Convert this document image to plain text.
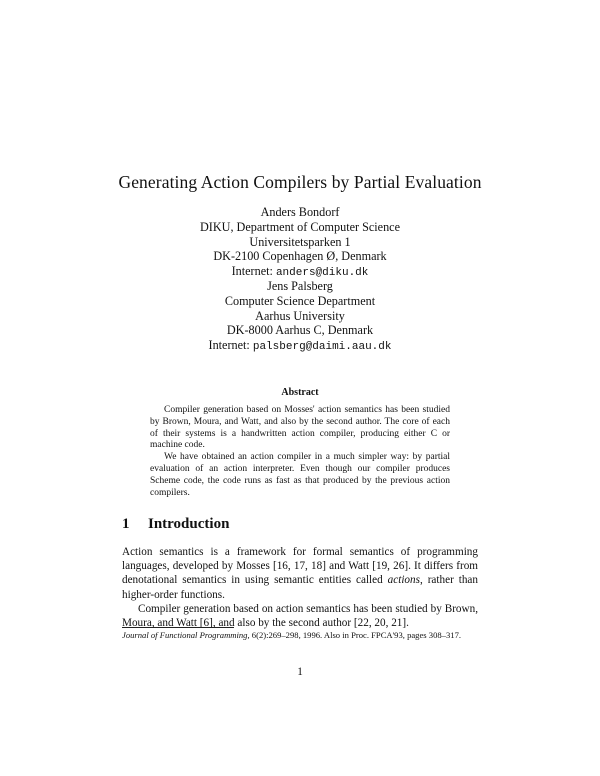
Generating Action Compilers by Partial Evaluation
Anders Bondorf
DIKU, Department of Computer Science
Universitetsparken 1
DK-2100 Copenhagen Ø, Denmark
Internet: anders@diku.dk
Jens Palsberg
Computer Science Department
Aarhus University
DK-8000 Aarhus C, Denmark
Internet: palsberg@daimi.aau.dk
Abstract

Compiler generation based on Mosses' action semantics has been studied by Brown, Moura, and Watt, and also by the second author. The core of each of their systems is a handwritten action compiler, producing either C or machine code.

We have obtained an action compiler in a much simpler way: by partial evaluation of an action interpreter. Even though our compiler produces Scheme code, the code runs as fast as that produced by the previous action compilers.

1 Introduction

Action semantics is a framework for formal semantics of programming languages, developed by Mosses [16, 17, 18] and Watt [19, 26]. It differs from denotational semantics in using semantic entities called actions, rather than higher-order functions.

Compiler generation based on action semantics has been studied by Brown, Moura, and Watt [6], and also by the second author [22, 20, 21].

Journal of Functional Programming, 6(2):269–298, 1996. Also in Proc. FPCA'93, pages 308–317.
1
